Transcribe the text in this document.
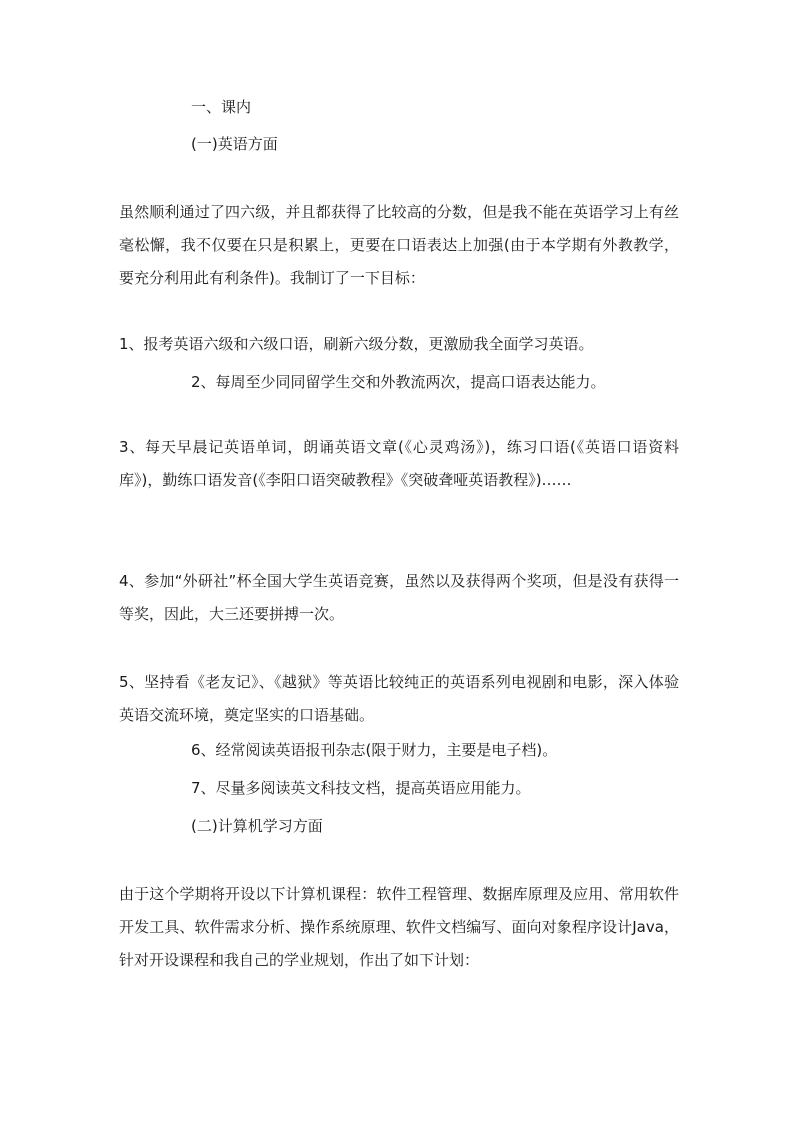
一、课内
(一)英语方面
虽然顺利通过了四六级，并且都获得了比较高的分数，但是我不能在英语学习上有丝毫松懈，我不仅要在只是积累上，更要在口语表达上加强(由于本学期有外教教学，要充分利用此有利条件)。我制订了一下目标：
1、报考英语六级和六级口语，刷新六级分数，更激励我全面学习英语。
2、每周至少同同留学生交和外教流两次，提高口语表达能力。
3、每天早晨记英语单词，朗诵英语文章(《心灵鸡汤》)，练习口语(《英语口语资料库》)，勤练口语发音(《李阳口语突破教程》《突破聋哑英语教程》)……
4、参加“外研社”杯全国大学生英语竞赛，虽然以及获得两个奖项，但是没有获得一等奖，因此，大三还要拼搏一次。
5、坚持看《老友记》、《越狱》等英语比较纯正的英语系列电视剧和电影，深入体验英语交流环境，奠定坚实的口语基础。
6、经常阅读英语报刊杂志(限于财力，主要是电子档)。
7、尽量多阅读英文科技文档，提高英语应用能力。
(二)计算机学习方面
由于这个学期将开设以下计算机课程：软件工程管理、数据库原理及应用、常用软件开发工具、软件需求分析、操作系统原理、软件文档编写、面向对象程序设计Java，针对开设课程和我自己的学业规划，作出了如下计划：
